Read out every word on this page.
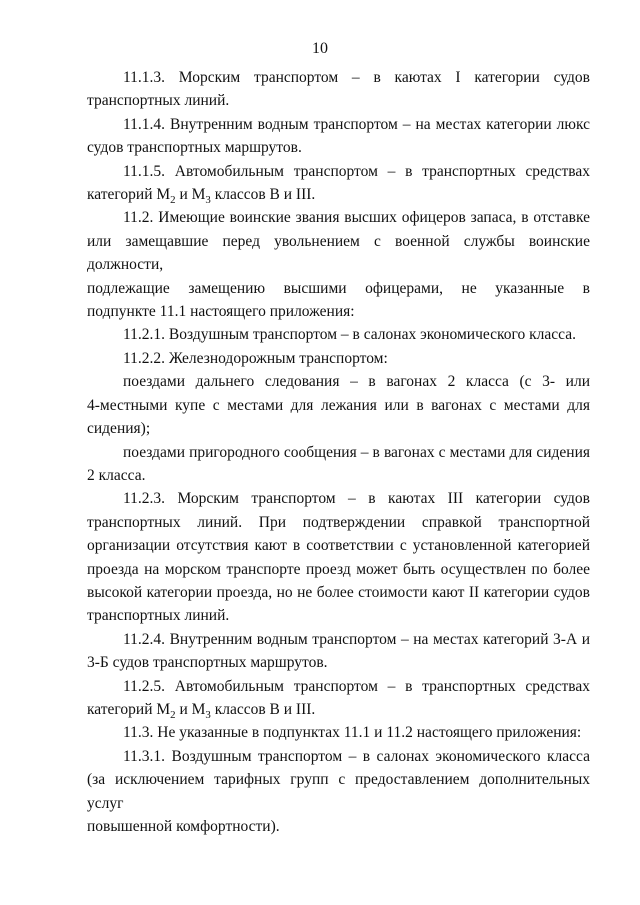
10

11.1.3. Морским транспортом – в каютах I категории судов
транспортных линий.

11.1.4. Внутренним водным транспортом – на местах категории люкс
судов транспортных маршрутов.

11.1.5. Автомобильным транспортом – в транспортных средствах
категорий $M_2$ и $M_3$ классов B и III.

11.2. Имеющие воинские звания высших офицеров запаса, в отставке
или замещавшие перед увольнением с военной службы воинские должности,
подлежащие замещению высшими офицерами, не указанные в
подпункте 11.1 настоящего приложения:

11.2.1. Воздушным транспортом – в салонах экономического класса.

11.2.2. Железнодорожным транспортом:

поездами дальнего следования – в вагонах 2 класса (с 3- или
4-местными купе с местами для лежания или в вагонах с местами для
сидения);

поездами пригородного сообщения – в вагонах с местами для сидения
2 класса.

11.2.3. Морским транспортом – в каютах III категории судов
транспортных линий. При подтверждении справкой транспортной
организации отсутствия кают в соответствии с установленной категорией
проезда на морском транспорте проезд может быть осуществлен по более
высокой категории проезда, но не более стоимости кают II категории судов
транспортных линий.

11.2.4. Внутренним водным транспортом – на местах категорий 3-А и
3-Б судов транспортных маршрутов.

11.2.5. Автомобильным транспортом – в транспортных средствах
категорий $M_2$ и $M_3$ классов B и III.

11.3. Не указанные в подпунктах 11.1 и 11.2 настоящего приложения:

11.3.1. Воздушным транспортом – в салонах экономического класса
(за исключением тарифных групп с предоставлением дополнительных услуг
повышенной комфортности).
